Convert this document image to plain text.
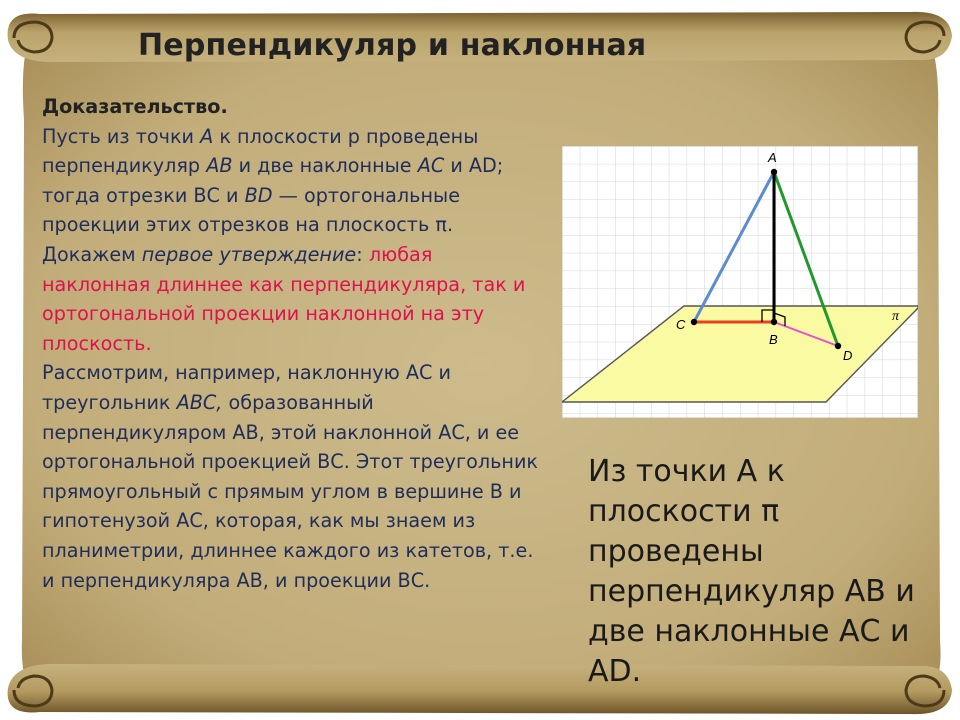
Перпендикуляр и наклонная

Доказательство.

Пусть из точки A к плоскости р проведены перпендикуляр AB и две наклонные AC и AD; тогда отрезки ВС и BD — ортогональные проекции этих отрезков на плоскость π.

Докажем первое утверждение: любая наклонная длиннее как перпендикуляра, так и ортогональной проекции наклонной на эту плоскость.

Рассмотрим, например, наклонную АС и треугольник ABC, образованный перпендикуляром АВ, этой наклонной АС, и ее ортогональной проекцией ВС. Этот треугольник прямоугольный с прямым углом в вершине В и гипотенузой АС, которая, как мы знаем из планиметрии, длиннее каждого из катетов, т.е. и перпендикуляра АВ, и проекции ВС.

A
B
C
D
π
Из точки А к плоскости π проведены перпендикуляр АВ и две наклонные АС и AD.
